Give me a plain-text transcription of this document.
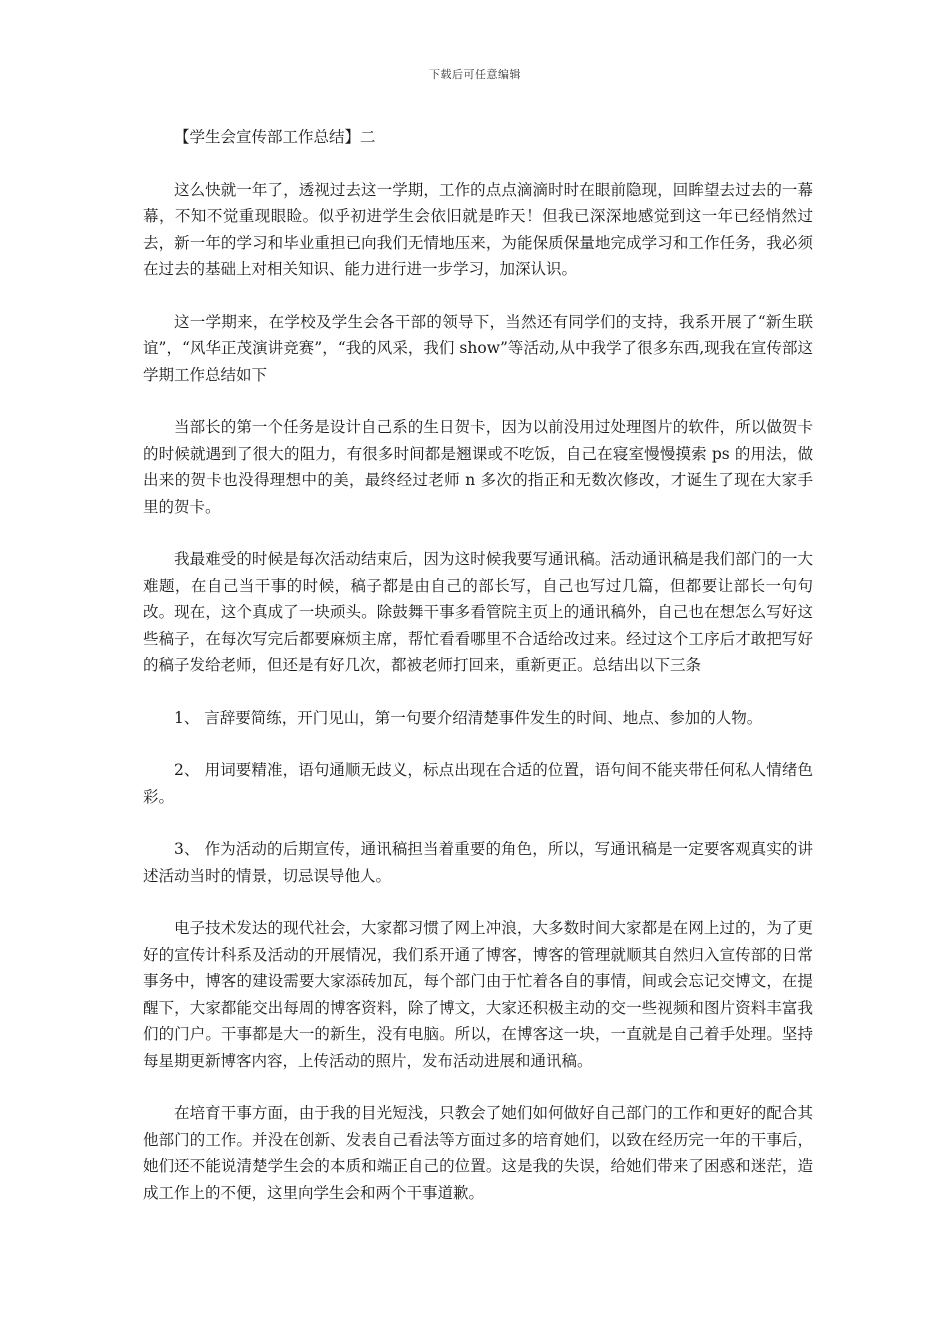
下载后可任意编辑

【学生会宣传部工作总结】二

这么快就一年了，透视过去这一学期，工作的点点滴滴时时在眼前隐现，回眸望去过去的一幕幕，不知不觉重现眼睑。似乎初进学生会依旧就是昨天！但我已深深地感觉到这一年已经悄然过去，新一年的学习和毕业重担已向我们无情地压来，为能保质保量地完成学习和工作任务，我必须在过去的基础上对相关知识、能力进行进一步学习，加深认识。

这一学期来，在学校及学生会各干部的领导下，当然还有同学们的支持，我系开展了“新生联谊”，“风华正茂演讲竞赛”，“我的风采，我们 show”等活动,从中我学了很多东西,现我在宣传部这学期工作总结如下

当部长的第一个任务是设计自己系的生日贺卡，因为以前没用过处理图片的软件，所以做贺卡的时候就遇到了很大的阻力，有很多时间都是翘课或不吃饭，自己在寝室慢慢摸索 ps 的用法，做出来的贺卡也没得理想中的美，最终经过老师 n 多次的指正和无数次修改，才诞生了现在大家手里的贺卡。

我最难受的时候是每次活动结束后，因为这时候我要写通讯稿。活动通讯稿是我们部门的一大难题，在自己当干事的时候，稿子都是由自己的部长写，自己也写过几篇，但都要让部长一句句改。现在，这个真成了一块顽头。除鼓舞干事多看管院主页上的通讯稿外，自己也在想怎么写好这些稿子，在每次写完后都要麻烦主席，帮忙看看哪里不合适给改过来。经过这个工序后才敢把写好的稿子发给老师，但还是有好几次，都被老师打回来，重新更正。总结出以下三条

1、 言辞要简练，开门见山，第一句要介绍清楚事件发生的时间、地点、参加的人物。

2、 用词要精准，语句通顺无歧义，标点出现在合适的位置，语句间不能夹带任何私人情绪色彩。

3、 作为活动的后期宣传，通讯稿担当着重要的角色，所以，写通讯稿是一定要客观真实的讲述活动当时的情景，切忌误导他人。

电子技术发达的现代社会，大家都习惯了网上冲浪，大多数时间大家都是在网上过的，为了更好的宣传计科系及活动的开展情况，我们系开通了博客，博客的管理就顺其自然归入宣传部的日常事务中，博客的建设需要大家添砖加瓦，每个部门由于忙着各自的事情，间或会忘记交博文，在提醒下，大家都能交出每周的博客资料，除了博文，大家还积极主动的交一些视频和图片资料丰富我们的门户。干事都是大一的新生，没有电脑。所以，在博客这一块，一直就是自己着手处理。坚持每星期更新博客内容，上传活动的照片，发布活动进展和通讯稿。

在培育干事方面，由于我的目光短浅，只教会了她们如何做好自己部门的工作和更好的配合其他部门的工作。并没在创新、发表自己看法等方面过多的培育她们，以致在经历完一年的干事后，她们还不能说清楚学生会的本质和端正自己的位置。这是我的失误，给她们带来了困惑和迷茫，造成工作上的不便，这里向学生会和两个干事道歉。
